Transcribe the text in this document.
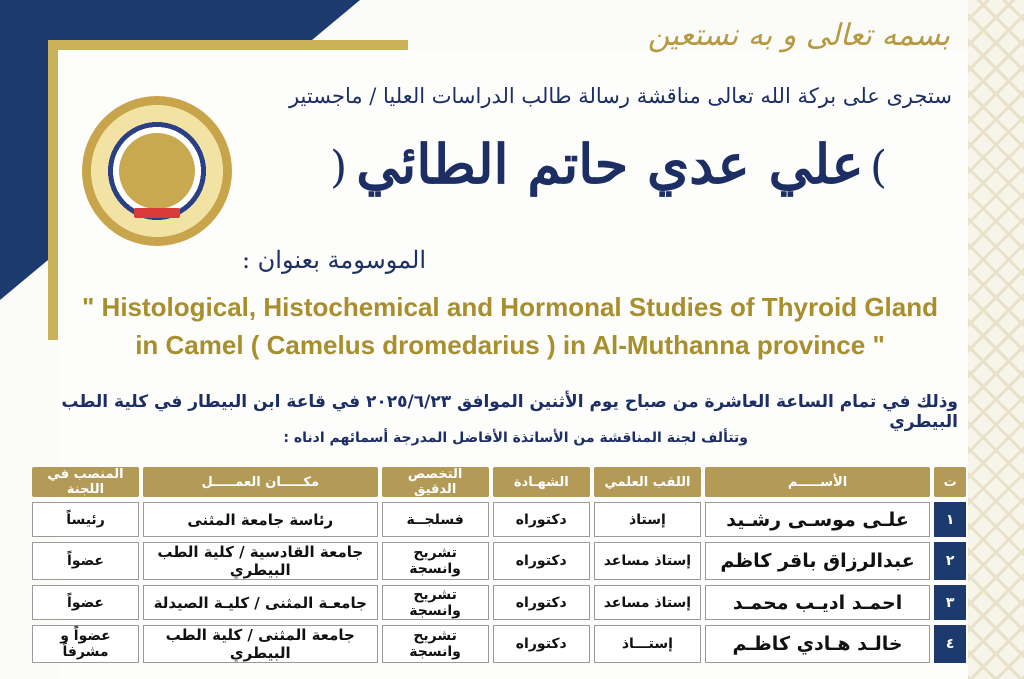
بسمه تعالى و به نستعين
ستجرى على بركة الله تعالى مناقشة رسالة طالب الدراسات العليا / ماجستير
(
علي عدي حاتم الطائي
)
الموسومة بعنوان :
" Histological, Histochemical and Hormonal Studies of Thyroid Gland
in Camel ( Camelus dromedarius ) in Al-Muthanna province "
وذلك في تمام الساعة العاشرة من صباح يوم الأثنين الموافق ٢٠٢٥/٦/٢٣ في قاعة ابن البيطار في كلية الطب البيطري
وتتألف لجنة المناقشة من الأساتذة الأفاضل المدرجة أسمائهم ادناه :
ت	الأســـــم	اللقب العلمي	الشهـادة	التخصص الدقيق	مكـــــان العمـــــل	المنصب في اللجنة
١	علـى موسـى رشـيد	إستاذ	دكتوراه	فسلجــة	رئاسة جامعة المثنى	رئيساً
٢	عبدالرزاق باقر كاظم	إستاذ مساعد	دكتوراه	تشريح وانسجة	جامعة القادسية / كلية الطب البيطري	عضواً
٣	احمـد اديـب محمـد	إستاذ مساعد	دكتوراه	تشريح وانسجة	جامعـة المثنى / كليـة الصيدلة	عضواً
٤	خالـد هـادي كاظـم	إستـــاذ	دكتوراه	تشريح وانسجة	جامعة المثنى / كلية الطب البيطري	عضواً و مشرفاً
